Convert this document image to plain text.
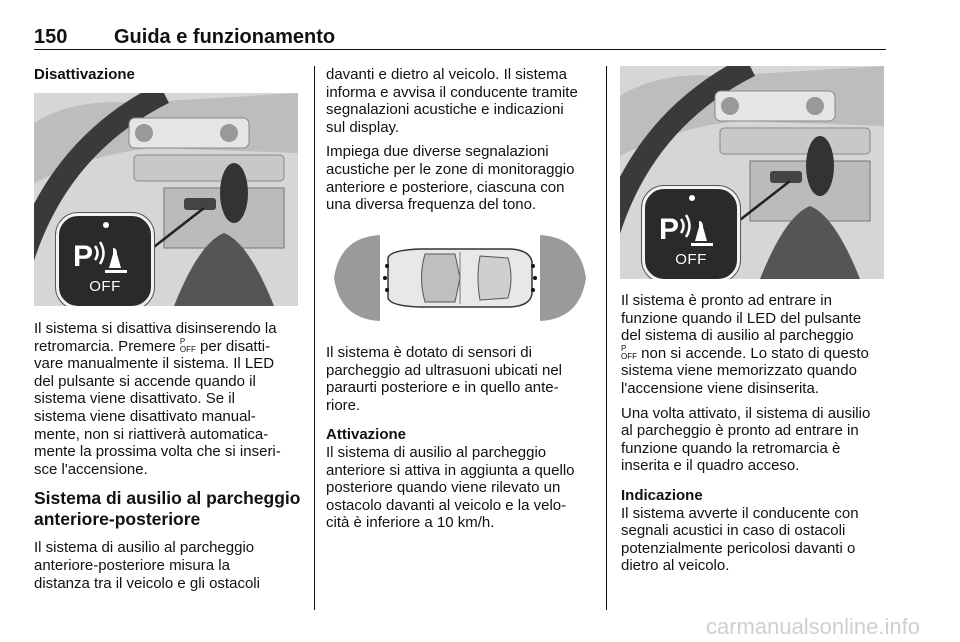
150 Guida e funzionamento

Disattivazione

P
OFF

Il sistema si disattiva disinserendo la

retromarcia. Premere P
OFF per disatti-

vare manualmente il sistema. Il LED

del pulsante si accende quando il

sistema viene disattivato. Se il

sistema viene disattivato manual-

mente, non si riattiverà automatica-

mente la prossima volta che si inseri-

sce l'accensione.

Sistema di ausilio al parcheggio

anteriore-posteriore

Il sistema di ausilio al parcheggio

anteriore-posteriore misura la

distanza tra il veicolo e gli ostacoli

davanti e dietro al veicolo. Il sistema

informa e avvisa il conducente tramite

segnalazioni acustiche e indicazioni

sul display.

Impiega due diverse segnalazioni

acustiche per le zone di monitoraggio

anteriore e posteriore, ciascuna con

una diversa frequenza del tono.

Il sistema è dotato di sensori di

parcheggio ad ultrasuoni ubicati nel

paraurti posteriore e in quello ante-

riore.

Attivazione

Il sistema di ausilio al parcheggio

anteriore si attiva in aggiunta a quello

posteriore quando viene rilevato un

ostacolo davanti al veicolo e la velo-

cità è inferiore a 10 km/h.

P
OFF

Il sistema è pronto ad entrare in

funzione quando il LED del pulsante

del sistema di ausilio al parcheggio

P
OFF non si accende. Lo stato di questo

sistema viene memorizzato quando

l'accensione viene disinserita.

Una volta attivato, il sistema di ausilio

al parcheggio è pronto ad entrare in

funzione quando la retromarcia è

inserita e il quadro acceso.

Indicazione

Il sistema avverte il conducente con

segnali acustici in caso di ostacoli

potenzialmente pericolosi davanti o

dietro al veicolo.

carmanualsonline.info
